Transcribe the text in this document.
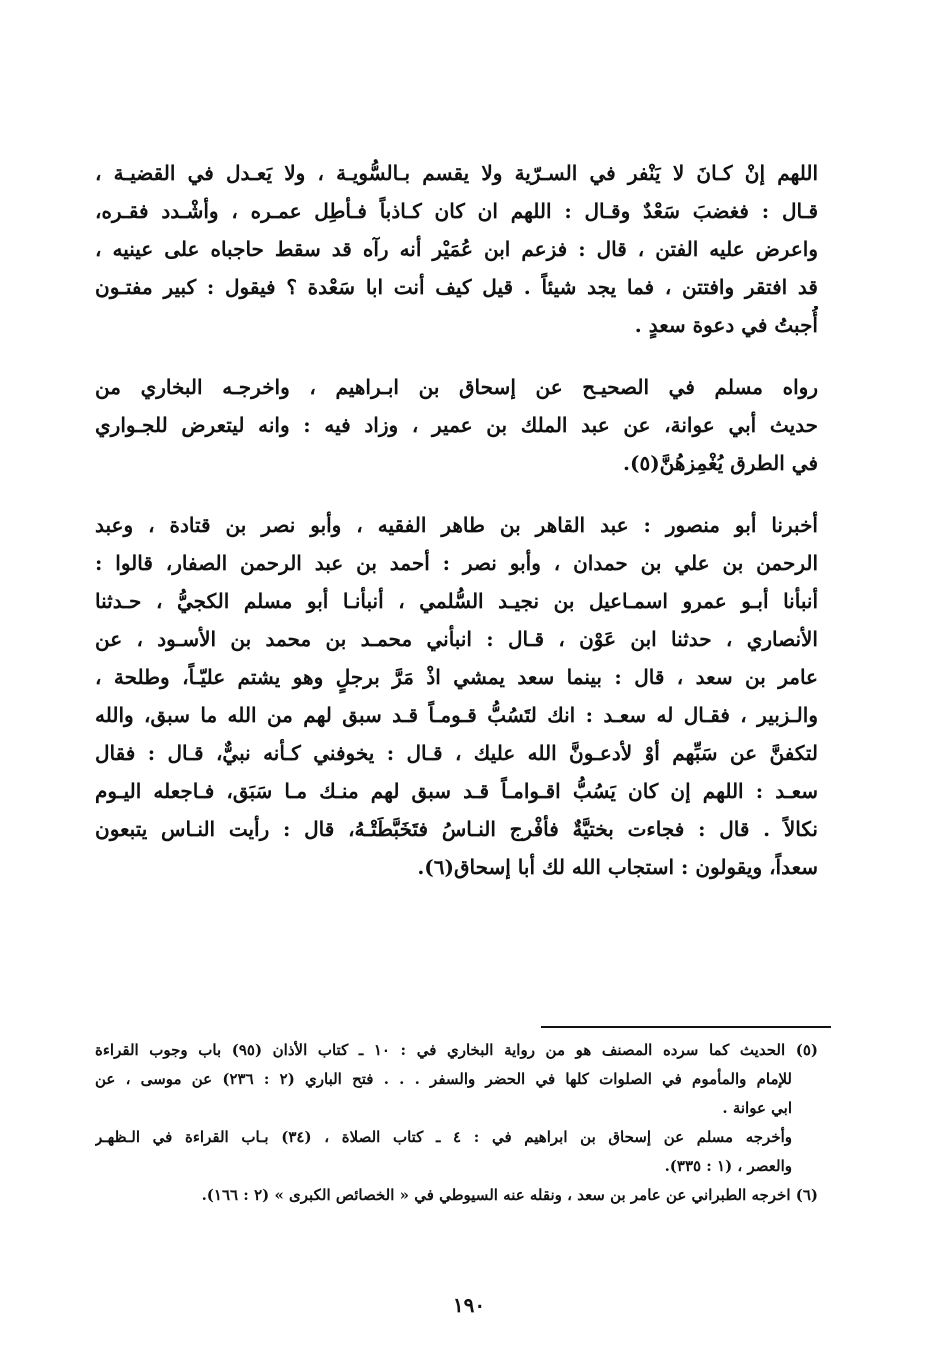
اللهم إنْ كـانَ لا يَنْفر في السـرّية ولا يقسم بـالسُّويـة ، ولا يَعـدل في القضيـة ،
قـال : فغضبَ سَعْدٌ وقـال : اللهم ان كان كـاذباً فـأطِل عمـره ، وأشْـدد فقـره،
واعرض عليه الفتن ، قال : فزعم ابن عُمَيْر أنه رآه قد سقط حاجباه على عينيه ،
قد افتقر وافتتن ، فما يجد شيئاً . قيل كيف أنت ابا سَعْدة ؟ فيقول : كبير مفتـون
أُجبتُ في دعوة سعدٍ .
رواه مسلم في الصحيـح عن إسحاق بن ابـراهيم ، واخرجـه البخاري من
حديث أبي عوانة، عن عبد الملك بن عمير ، وزاد فيه : وانه ليتعرض للجـواري
في الطرق يُغْمِزهُنَّ(٥).
أخبرنا أبو منصور : عبد القاهر بن طاهر الفقيه ، وأبو نصر بن قتادة ، وعبد
الرحمن بن علي بن حمدان ، وأبو نصر : أحمد بن عبد الرحمن الصفار، قالوا :
أنبأنا أبـو عمرو اسمـاعيل بن نجيـد السُّلمي ، أنبأنـا أبو مسلم الكجيُّ ، حـدثنا
الأنصاري ، حدثنا ابن عَوْن ، قـال : انبأني محمـد بن محمد بن الأسـود ، عن
عامر بن سعد ، قال : بينما سعد يمشي اذْ مَرَّ برجلٍ وهو يشتم عليّـاً، وطلحة ،
والـزبير ، فقـال له سعـد : انك لتَسُبُّ قـومـاً قـد سبق لهم من الله ما سبق، والله
لتكفنَّ عن سَبِّهم أوْ لأدعـونَّ الله عليك ، قـال : يخوفني كـأنه نبيٌّ، قـال : فقال
سعـد : اللهم إن كان يَسُبُّ اقـوامـاً قـد سبق لهم منـك مـا سَبَق، فـاجعله اليـوم
نكالاً . قال : فجاءت بختيَّةٌ فأفْرج النـاسُ فتَخَبَّطَتْـهُ، قال : رأيت النـاس يتبعون
سعداً، ويقولون : استجاب الله لك أبا إسحاق(٦).
(٥) الحديث كما سرده المصنف هو من رواية البخاري في : ١٠ ـ كتاب الأذان (٩٥) باب وجوب القراءة
للإمام والمأموم في الصلوات كلها في الحضر والسفر . . . فتح الباري (٢ : ٢٣٦) عن موسى ، عن
ابي عوانة .
وأخرجه مسلم عن إسحاق بن ابراهيم في : ٤ ـ كتاب الصلاة ، (٣٤) بـاب القراءة في الـظهـر
والعصر ، (١ : ٣٣٥).
(٦) اخرجه الطبراني عن عامر بن سعد ، ونقله عنه السيوطي في « الخصائص الكبرى » (٢ : ١٦٦).
١٩٠
